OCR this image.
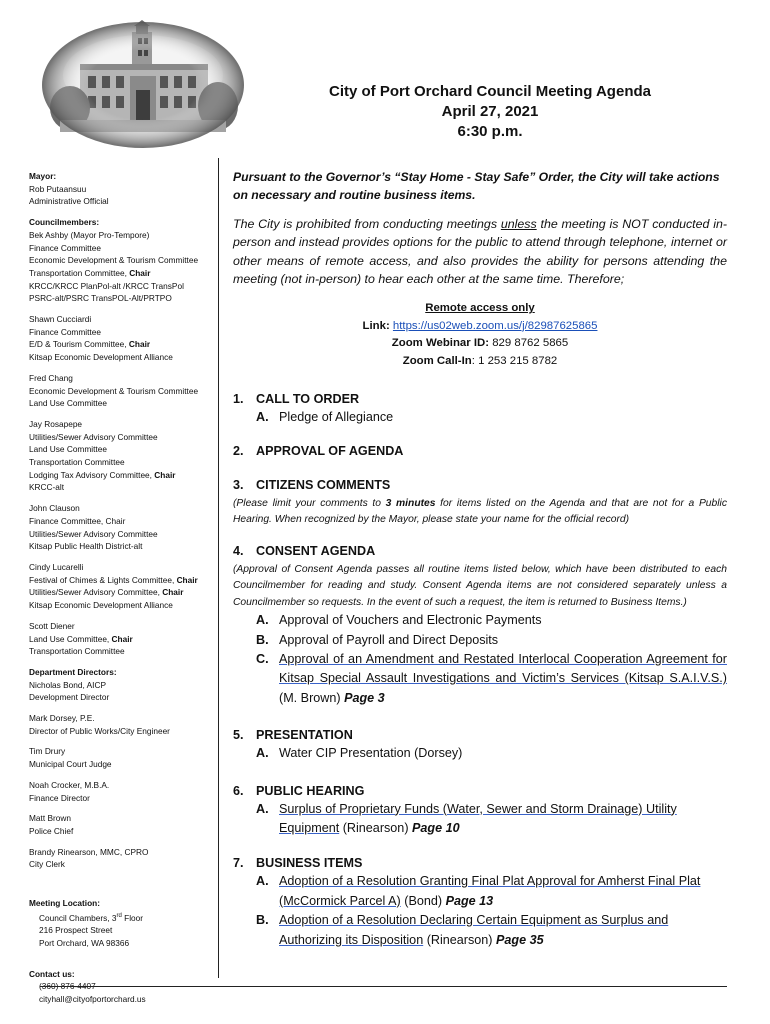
City of Port Orchard Council Meeting Agenda
April 27, 2021
6:30 p.m.
Mayor:
Rob Putaansuu
Administrative Official
Councilmembers:
Bek Ashby (Mayor Pro-Tempore)
Finance Committee
Economic Development & Tourism Committee
Transportation Committee, Chair
KRCC/KRCC PlanPol-alt /KRCC TransPol
PSRC-alt/PSRC TransPOL-Alt/PRTPO
Shawn Cucciardi
Finance Committee
E/D & Tourism Committee, Chair
Kitsap Economic Development Alliance
Fred Chang
Economic Development & Tourism Committee
Land Use Committee
Jay Rosapepe
Utilities/Sewer Advisory Committee
Land Use Committee
Transportation Committee
Lodging Tax Advisory Committee, Chair
KRCC-alt
John Clauson
Finance Committee, Chair
Utilities/Sewer Advisory Committee
Kitsap Public Health District-alt
Cindy Lucarelli
Festival of Chimes & Lights Committee, Chair
Utilities/Sewer Advisory Committee, Chair
Kitsap Economic Development Alliance
Scott Diener
Land Use Committee, Chair
Transportation Committee
Department Directors:
Nicholas Bond, AICP
Development Director
Mark Dorsey, P.E.
Director of Public Works/City Engineer
Tim Drury
Municipal Court Judge
Noah Crocker, M.B.A.
Finance Director
Matt Brown
Police Chief
Brandy Rinearson, MMC, CPRO
City Clerk
Meeting Location:
Council Chambers, 3rd Floor
216 Prospect Street
Port Orchard, WA 98366
Contact us:
cityhall@cityofportorchard.us
Pursuant to the Governor’s “Stay Home - Stay Safe” Order, the City will take actions on necessary and routine business items.
The City is prohibited from conducting meetings unless the meeting is NOT conducted in-person and instead provides options for the public to attend through telephone, internet or other means of remote access, and also provides the ability for persons attending the meeting (not in-person) to hear each other at the same time. Therefore;
Remote access only
Link: https://us02web.zoom.us/j/82987625865
Zoom Webinar ID: 829 8762 5865
Zoom Call-In: 1 253 215 8782
1. CALL TO ORDER
A. Pledge of Allegiance
2. APPROVAL OF AGENDA
3. CITIZENS COMMENTS
(Please limit your comments to 3 minutes for items listed on the Agenda and that are not for a Public Hearing. When recognized by the Mayor, please state your name for the official record)
4. CONSENT AGENDA
(Approval of Consent Agenda passes all routine items listed below, which have been distributed to each Councilmember for reading and study. Consent Agenda items are not considered separately unless a Councilmember so requests. In the event of such a request, the item is returned to Business Items.)
A. Approval of Vouchers and Electronic Payments
B. Approval of Payroll and Direct Deposits
C. Approval of an Amendment and Restated Interlocal Cooperation Agreement for Kitsap Special Assault Investigations and Victim’s Services (Kitsap S.A.I.V.S.) (M. Brown) Page 3
5. PRESENTATION
A. Water CIP Presentation (Dorsey)
6. PUBLIC HEARING
A. Surplus of Proprietary Funds (Water, Sewer and Storm Drainage) Utility Equipment (Rinearson) Page 10
7. BUSINESS ITEMS
A. Adoption of a Resolution Granting Final Plat Approval for Amherst Final Plat (McCormick Parcel A) (Bond) Page 13
B. Adoption of a Resolution Declaring Certain Equipment as Surplus and Authorizing its Disposition (Rinearson) Page 35
